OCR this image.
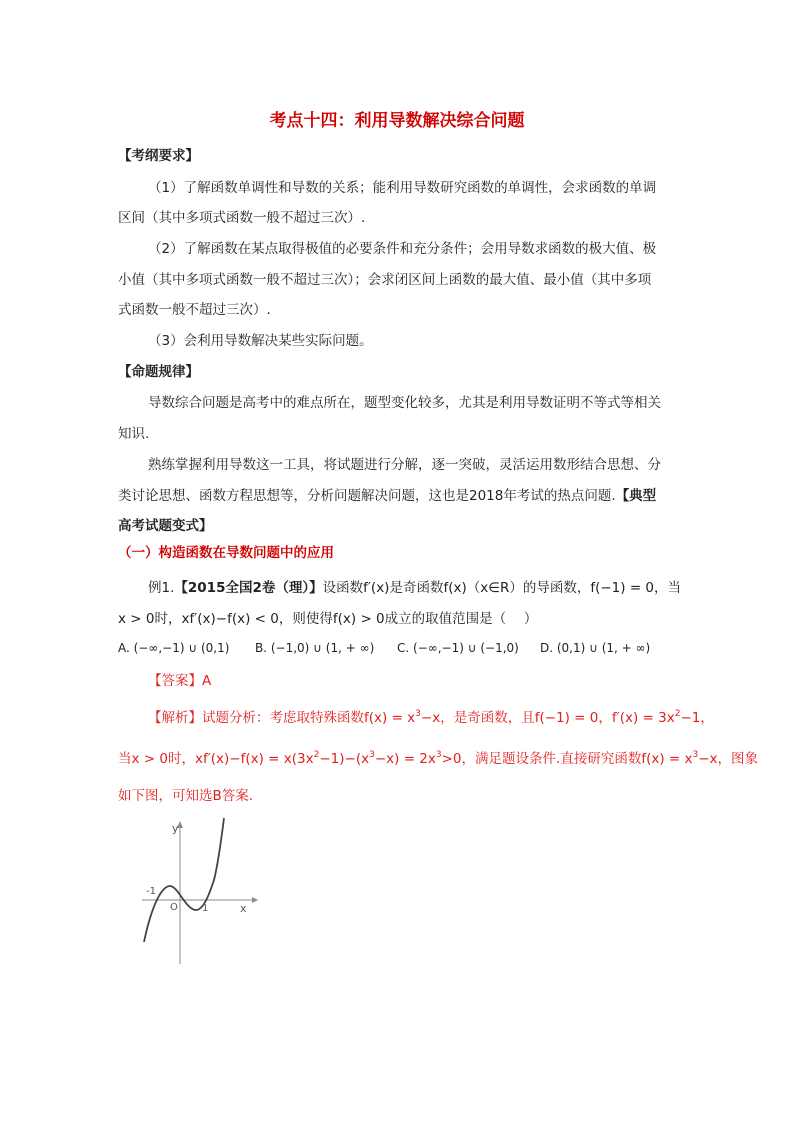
考点十四：利用导数解决综合问题
【考纲要求】
（1）了解函数单调性和导数的关系；能利用导数研究函数的单调性，会求函数的单调
区间（其中多项式函数一般不超过三次）.
（2）了解函数在某点取得极值的必要条件和充分条件；会用导数求函数的极大值、极
小值（其中多项式函数一般不超过三次）；会求闭区间上函数的最大值、最小值（其中多项
式函数一般不超过三次）.
（3）会利用导数解决某些实际问题。
【命题规律】
导数综合问题是高考中的难点所在，题型变化较多，尤其是利用导数证明不等式等相关
知识.
熟练掌握利用导数这一工具，将试题进行分解，逐一突破，灵活运用数形结合思想、分
类讨论思想、函数方程思想等，分析问题解决问题，这也是2018年考试的热点问题.【典型
高考试题变式】
（一）构造函数在导数问题中的应用
例1.【2015全国2卷（理）】设函数f′(x)是奇函数f(x)（x∈R）的导函数，f(−1) = 0，当
x > 0时，xf′(x)−f(x) < 0，则使得f(x) > 0成立的取值范围是（　 ）
A. (−∞,−1) ∪ (0,1) B. (−1,0) ∪ (1, + ∞) C. (−∞,−1) ∪ (−1,0) D. (0,1) ∪ (1, + ∞)
【答案】A
【解析】试题分析：考虑取特殊函数$f(x) = x^3-x$，是奇函数，且f(−1) = 0，$f'(x) = 3x^2-1$，
当x > 0时，$xf'(x)-f(x) = x(3x^2-1)-(x^3-x) = 2x^3>0$，满足题设条件.直接研究函数$f(x) = x^3-x$，图象
如下图，可知选B答案.
y
x
O
-1
1
